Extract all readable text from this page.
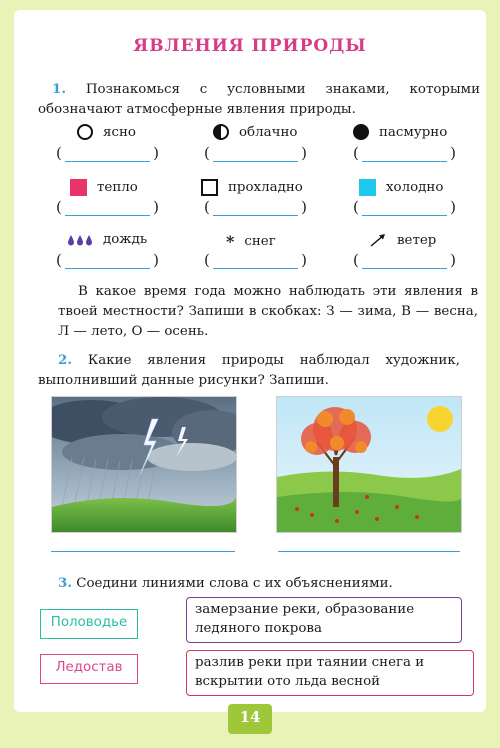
ЯВЛЕНИЯ ПРИРОДЫ
1. Познакомься с условными знаками, которыми обозначают атмосферные явления природы.
ясно	облачно	пасмурно
(	)	(	)	(	)
тепло	прохладно	холодно
(	)	(	)	(	)
дождь	* снег	ветер
(	)	(	)	(	)
В какое время года можно наблюдать эти явления в твоей местности? Запиши в скобках: З — зима, В — весна, Л — лето, О — осень.
2. Какие явления природы наблюдал художник, выполнивший данные рисунки? Запиши.
3. Соедини линиями слова с их объяснениями.
Половодье
Ледостав
замерзание реки, образование ледяного покрова
разлив реки при таянии снега и вскрытии ото льда весной
14
